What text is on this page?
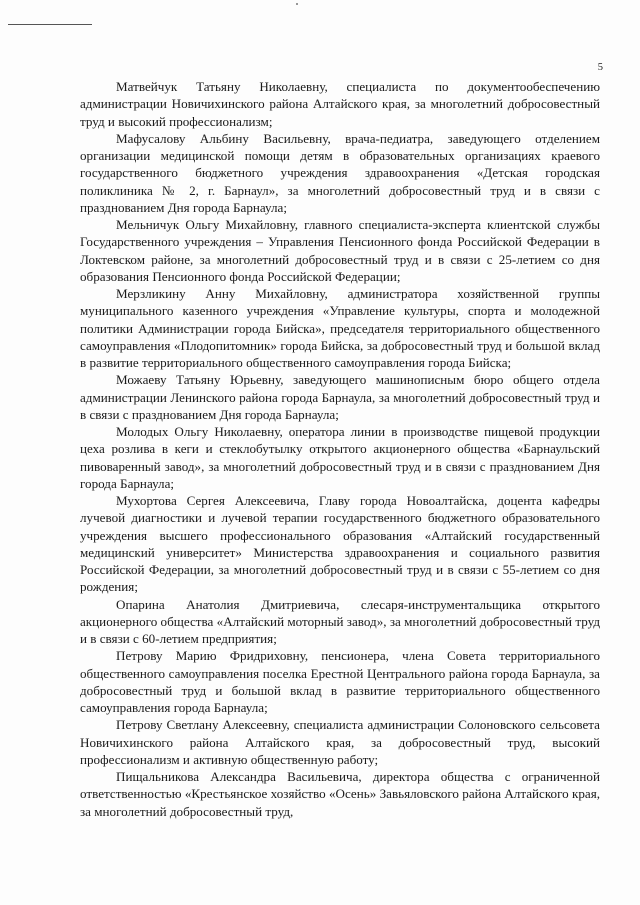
5

Матвейчук Татьяну Николаевну, специалиста по документообеспечению администрации Новичихинского района Алтайского края, за многолетний добросовестный труд и высокий профессионализм;

Мафусалову Альбину Васильевну, врача-педиатра, заведующего отделением организации медицинской помощи детям в образовательных организациях краевого государственного бюджетного учреждения здравоохранения «Детская городская поликлиника № 2, г. Барнаул», за многолетний добросовестный труд и в связи с празднованием Дня города Барнаула;

Мельничук Ольгу Михайловну, главного специалиста-эксперта клиентской службы Государственного учреждения – Управления Пенсионного фонда Российской Федерации в Локтевском районе, за многолетний добросовестный труд и в связи с 25-летием со дня образования Пенсионного фонда Российской Федерации;

Мерзликину Анну Михайловну, администратора хозяйственной группы муниципального казенного учреждения «Управление культуры, спорта и молодежной политики Администрации города Бийска», председателя территориального общественного самоуправления «Плодопитомник» города Бийска, за добросовестный труд и большой вклад в развитие территориального общественного самоуправления города Бийска;

Можаеву Татьяну Юрьевну, заведующего машинописным бюро общего отдела администрации Ленинского района города Барнаула, за многолетний добросовестный труд и в связи с празднованием Дня города Барнаула;

Молодых Ольгу Николаевну, оператора линии в производстве пищевой продукции цеха розлива в кеги и стеклобутылку открытого акционерного общества «Барнаульский пивоваренный завод», за многолетний добросовестный труд и в связи с празднованием Дня города Барнаула;

Мухортова Сергея Алексеевича, Главу города Новоалтайска, доцента кафедры лучевой диагностики и лучевой терапии государственного бюджетного образовательного учреждения высшего профессионального образования «Алтайский государственный медицинский университет» Министерства здравоохранения и социального развития Российской Федерации, за многолетний добросовестный труд и в связи с 55-летием со дня рождения;

Опарина Анатолия Дмитриевича, слесаря-инструментальщика открытого акционерного общества «Алтайский моторный завод», за многолетний добросовестный труд и в связи с 60-летием предприятия;

Петрову Марию Фридриховну, пенсионера, члена Совета территориального общественного самоуправления поселка Ерестной Центрального района города Барнаула, за добросовестный труд и большой вклад в развитие территориального общественного самоуправления города Барнаула;

Петрову Светлану Алексеевну, специалиста администрации Солоновского сельсовета Новичихинского района Алтайского края, за добросовестный труд, высокий профессионализм и активную общественную работу;

Пищальникова Александра Васильевича, директора общества с ограниченной ответственностью «Крестьянское хозяйство «Осень» Завьяловского района Алтайского края, за многолетний добросовестный труд,
